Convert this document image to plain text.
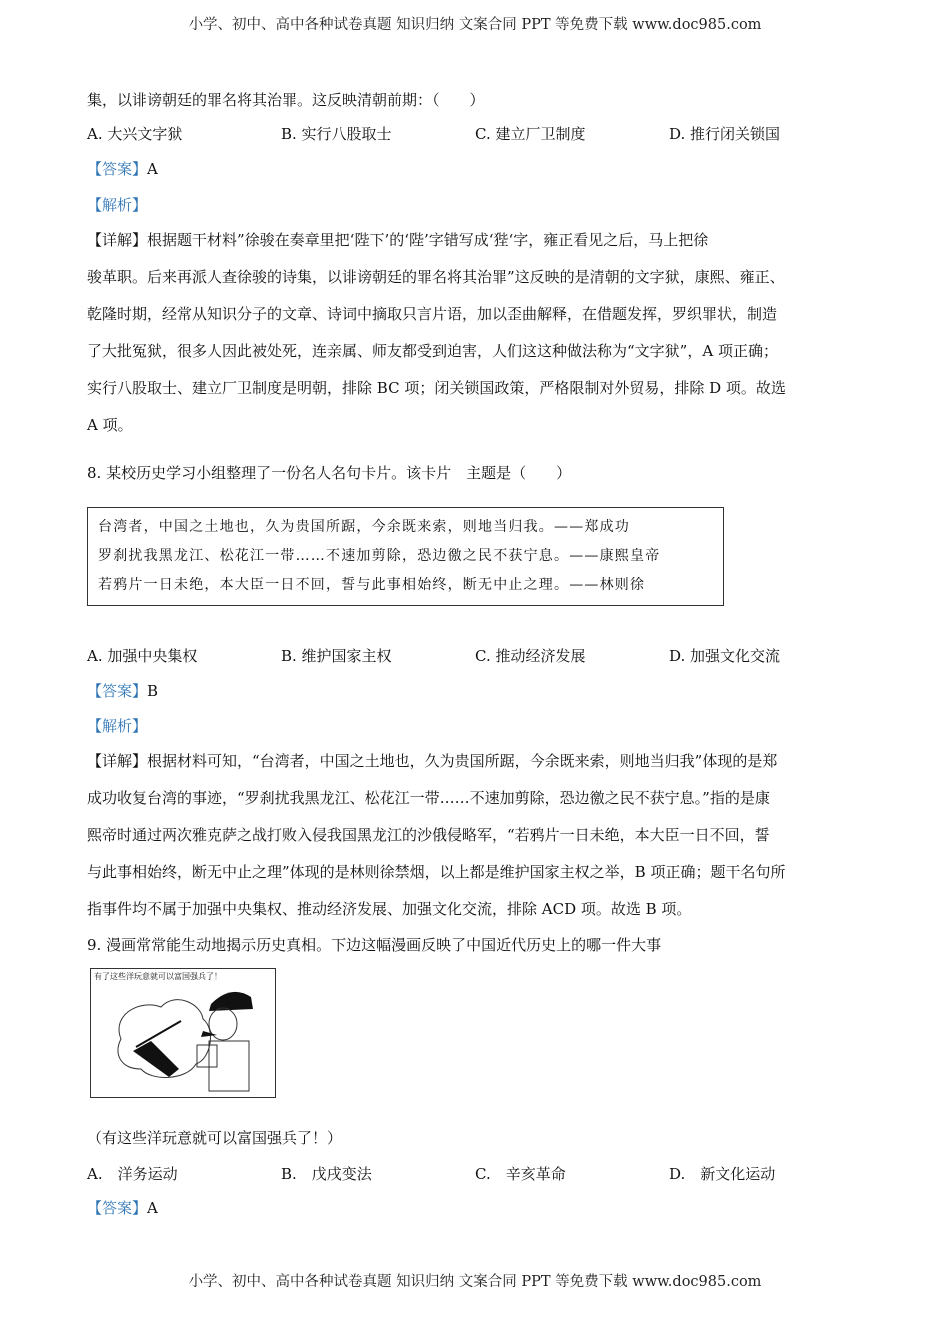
小学、初中、高中各种试卷真题 知识归纳 文案合同 PPT 等免费下载 www.doc985.com
集，以诽谤朝廷的罪名将其治罪。这反映清朝前期：（　　）
A. 大兴文字狱	B. 实行八股取士	C. 建立厂卫制度	D. 推行闭关锁国
【答案】A
【解析】
【详解】根据题干材料”徐骏在奏章里把‘陛下’的‘陛’字错写成‘狴‘字，雍正看见之后，马上把徐
骏革职。后来再派人查徐骏的诗集，以诽谤朝廷的罪名将其治罪”这反映的是清朝的文字狱，康熙、雍正、
乾隆时期，经常从知识分子的文章、诗词中摘取只言片语，加以歪曲解释，在借题发挥，罗织罪状，制造
了大批冤狱，很多人因此被处死，连亲属、师友都受到迫害，人们这这种做法称为“文字狱”，A 项正确；
实行八股取士、建立厂卫制度是明朝，排除 BC 项；闭关锁国政策，严格限制对外贸易，排除 D 项。故选
A 项。
8. 某校历史学习小组整理了一份名人名句卡片。该卡片　主题是（　　）
台湾者，中国之土地也，久为贵国所踞，今余既来索，则地当归我。——郑成功
罗刹扰我黑龙江、松花江一带……不速加剪除，恐边徼之民不获宁息。——康熙皇帝
若鸦片一日未绝，本大臣一日不回，誓与此事相始终，断无中止之理。——林则徐
A. 加强中央集权	B. 维护国家主权	C. 推动经济发展	D. 加强文化交流
【答案】B
【解析】
【详解】根据材料可知，“台湾者，中国之土地也，久为贵国所踞，今余既来索，则地当归我”体现的是郑
成功收复台湾的事迹，“罗刹扰我黑龙江、松花江一带……不速加剪除，恐边徼之民不获宁息。”指的是康
熙帝时通过两次雅克萨之战打败入侵我国黑龙江的沙俄侵略军，“若鸦片一日未绝，本大臣一日不回，誓
与此事相始终，断无中止之理”体现的是林则徐禁烟，以上都是维护国家主权之举，B 项正确；题干名句所
指事件均不属于加强中央集权、推动经济发展、加强文化交流，排除 ACD 项。故选 B 项。
9. 漫画常常能生动地揭示历史真相。下边这幅漫画反映了中国近代历史上的哪一件大事
有了这些洋玩意就可以富国强兵了！
（有这些洋玩意就可以富国强兵了！）
A.　洋务运动	B.　戊戌变法	C.　辛亥革命	D.　新文化运动
【答案】A
小学、初中、高中各种试卷真题 知识归纳 文案合同 PPT 等免费下载 www.doc985.com
